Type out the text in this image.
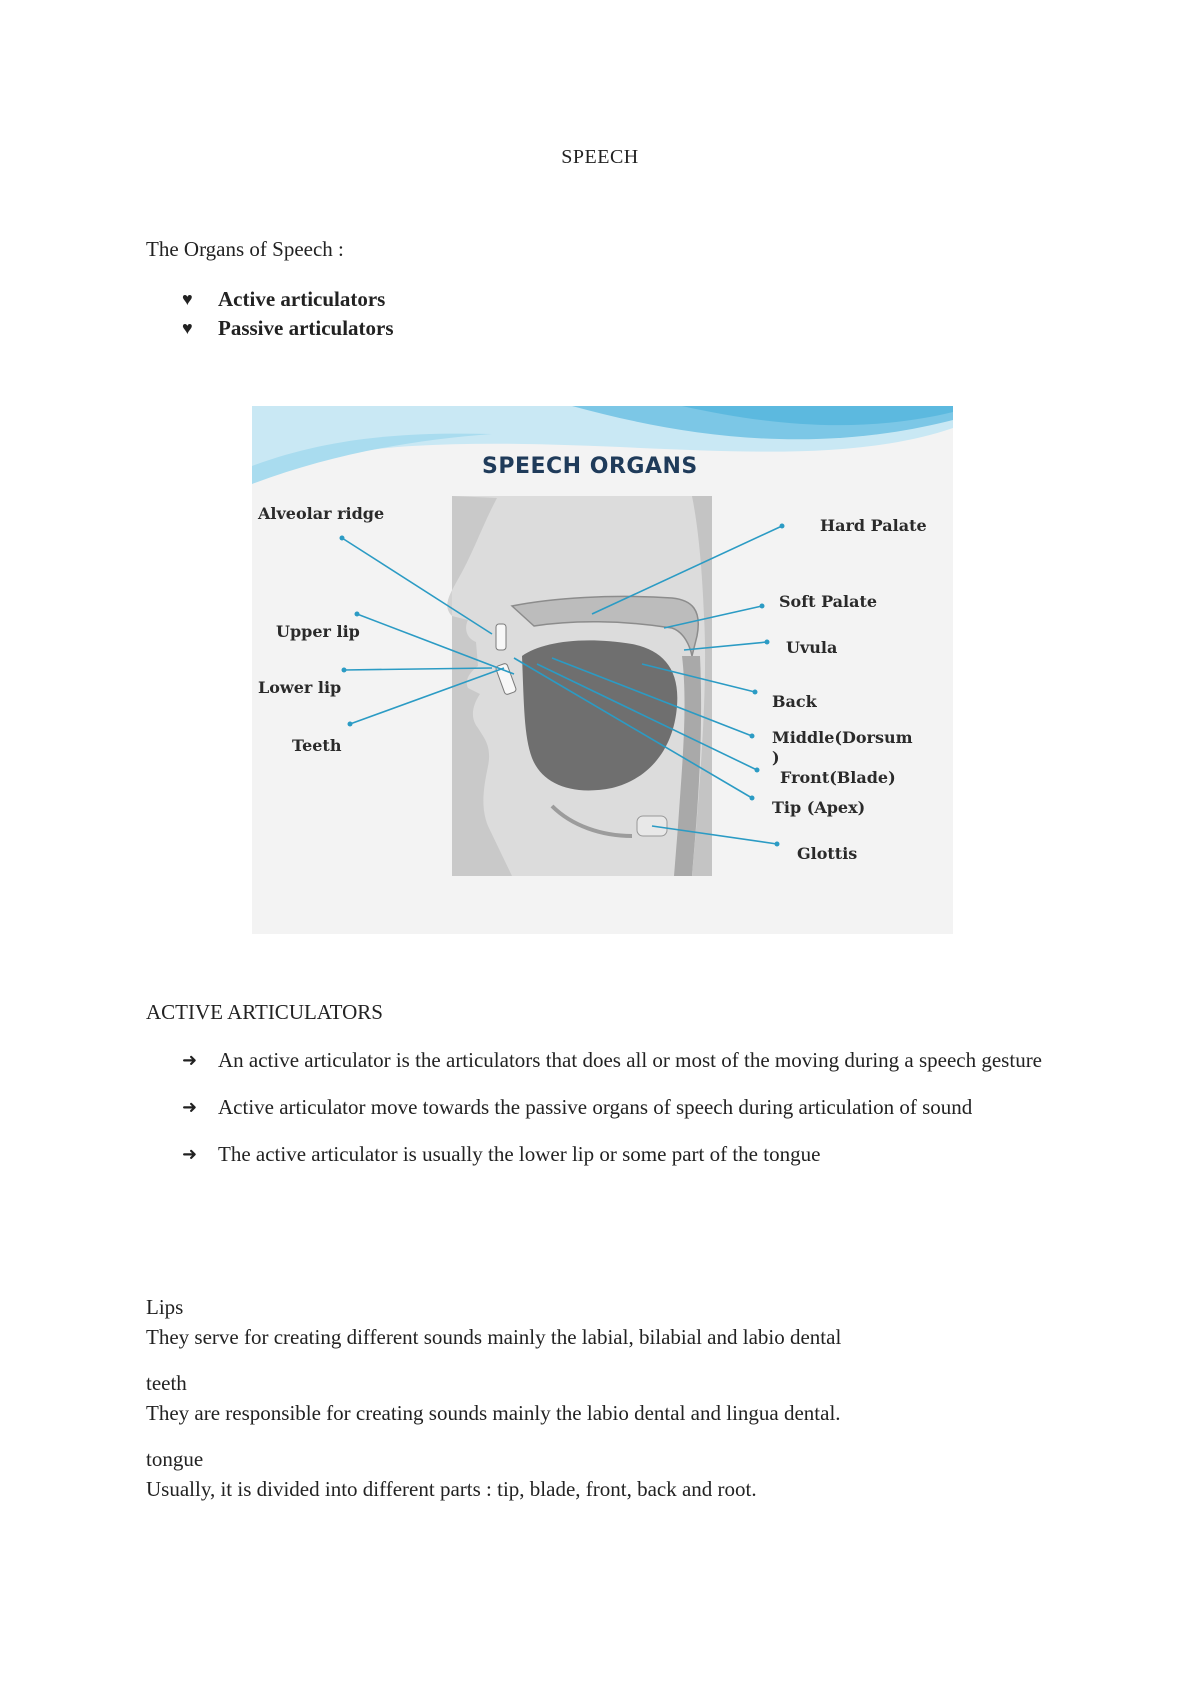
SPEECH
The Organs of Speech :
♥	Active articulators
♥	Passive articulators
SPEECH ORGANS
Alveolar ridge
Upper lip
Lower lip
Teeth
Hard Palate
Soft Palate
Uvula
Back
Middle(Dorsum
)
Front(Blade)
Tip (Apex)
Glottis
ACTIVE ARTICULATORS
➜ An active articulator is the articulators that does all or most of the moving during a speech gesture
➜ Active articulator move towards the passive organs of speech during articulation of sound
➜ The active articulator is usually the lower lip or some part of the tongue
Lips
They serve for creating different sounds mainly the labial, bilabial and labio dental
teeth
They are responsible for creating sounds mainly the labio dental and lingua dental.
tongue
Usually, it is divided into different parts : tip, blade, front, back and root.
